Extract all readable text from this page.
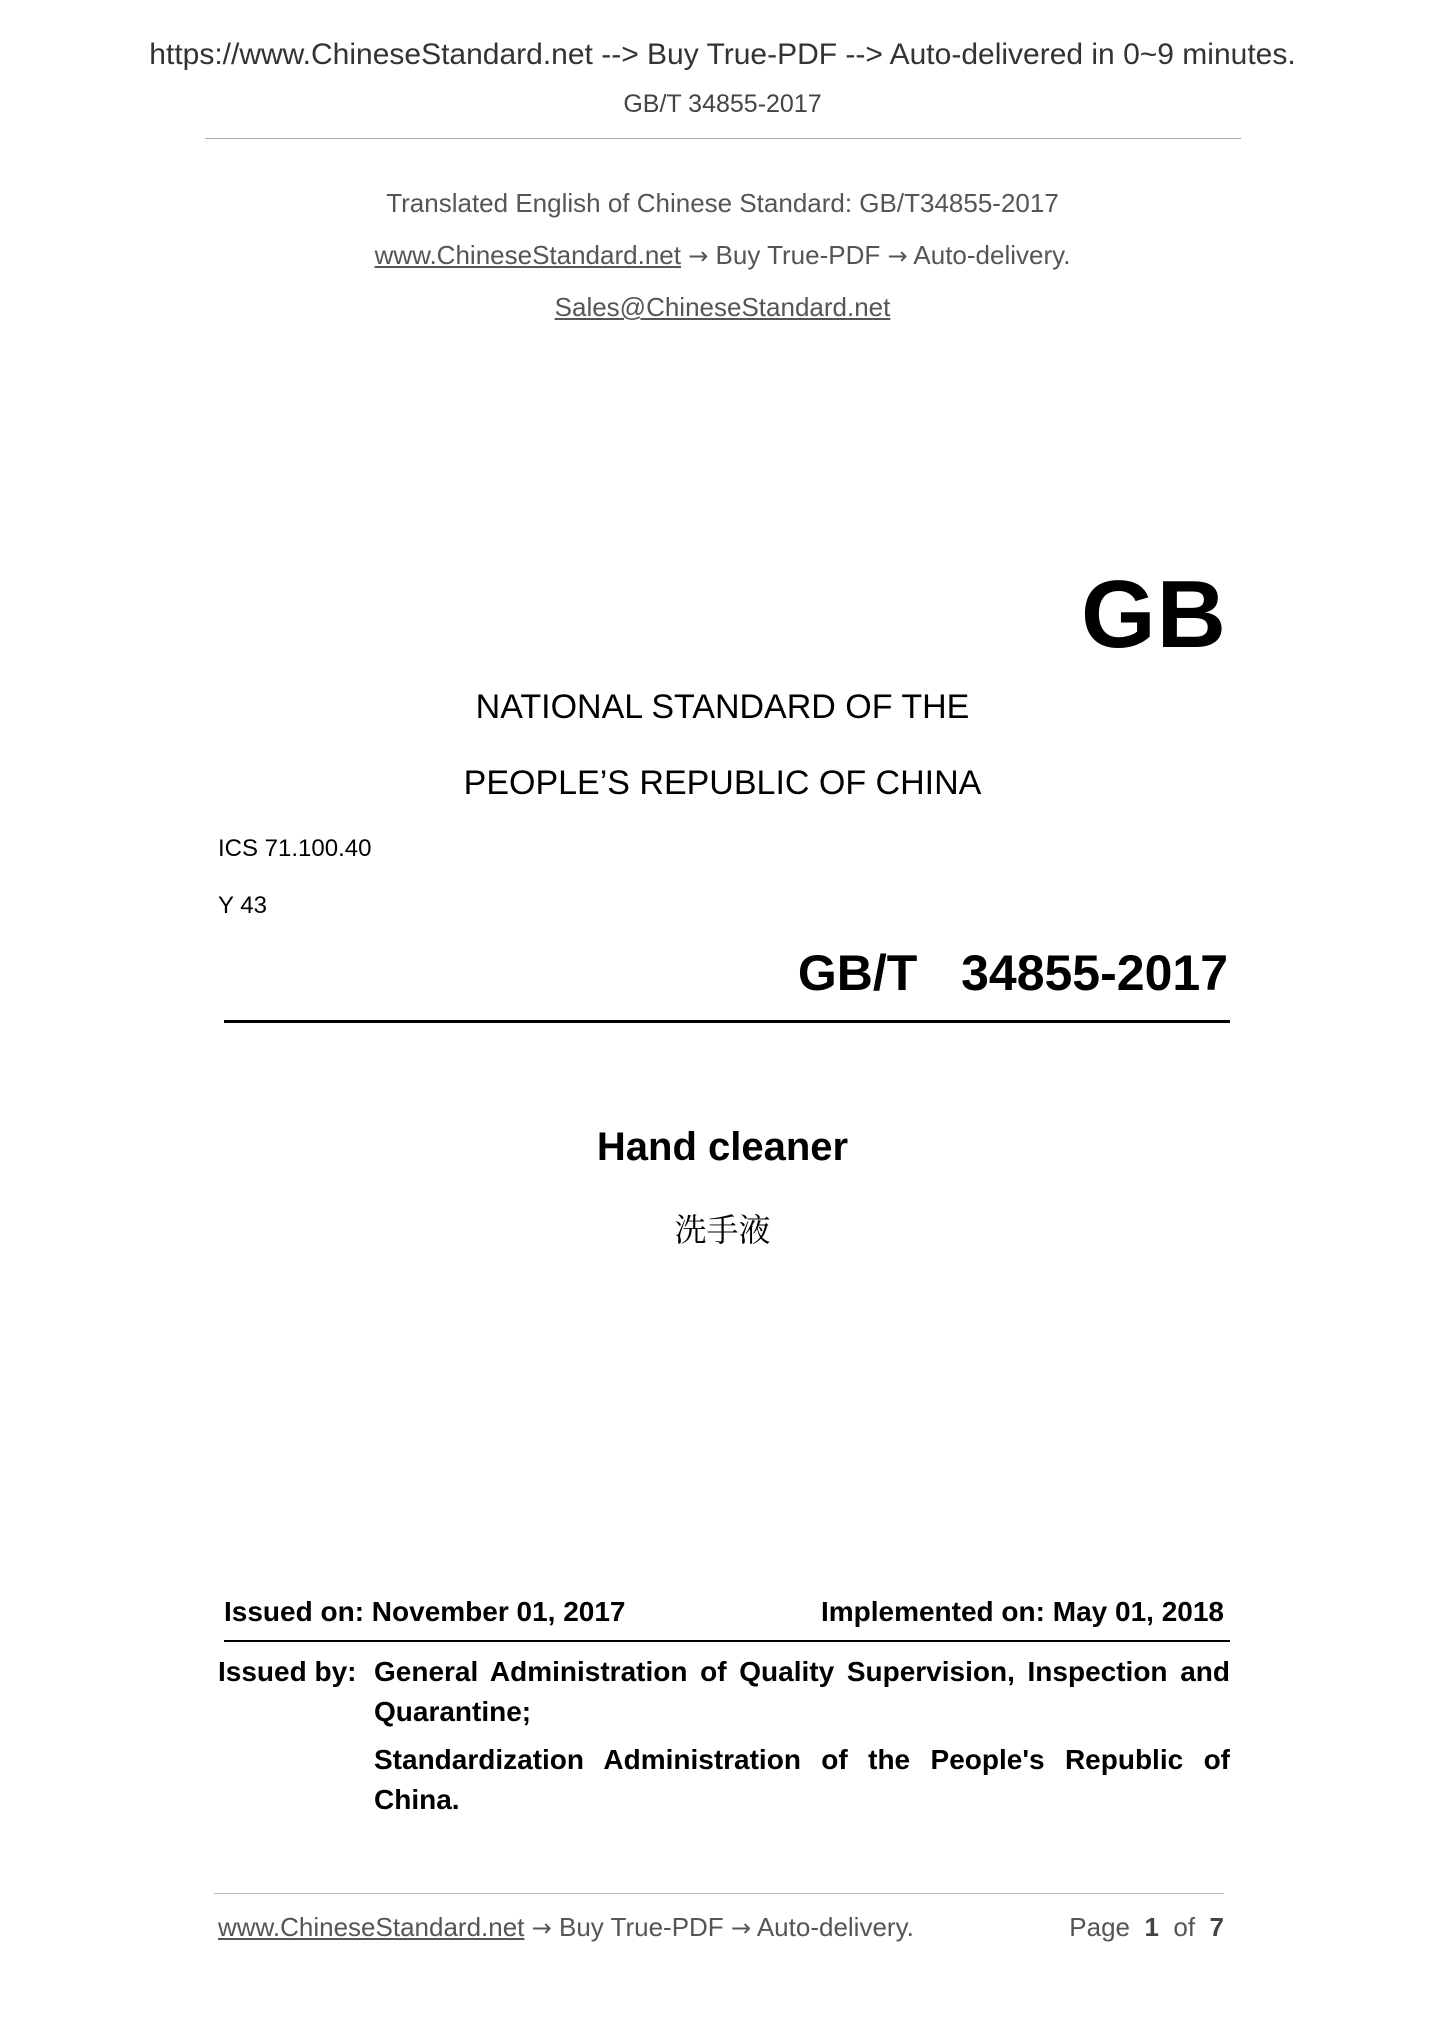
https://www.ChineseStandard.net --> Buy True-PDF --> Auto-delivered in 0~9 minutes.
GB/T 34855-2017
Translated English of Chinese Standard: GB/T34855-2017
www.ChineseStandard.net → Buy True-PDF → Auto-delivery.
Sales@ChineseStandard.net
GB
NATIONAL STANDARD OF THE
PEOPLE’S REPUBLIC OF CHINA
ICS 71.100.40
Y 43
GB/T  34855-2017
Hand cleaner
洗手液
Issued on: November 01, 2017	Implemented on: May 01, 2018
Issued by: General Administration of Quality Supervision, Inspection and Quarantine;
Standardization Administration of the People's Republic of China.
www.ChineseStandard.net → Buy True-PDF → Auto-delivery.	Page 1 of 7
